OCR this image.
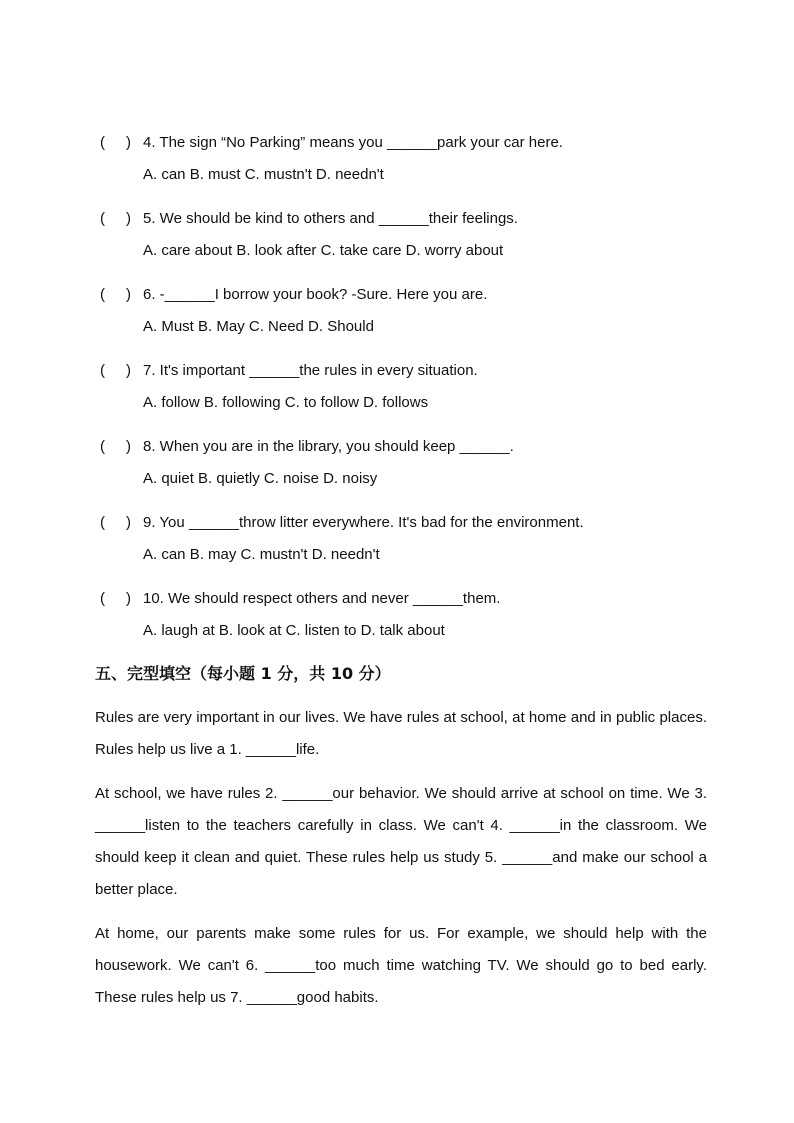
( ) 4. The sign “No Parking” means you ______park your car here.
A. can B. must C. mustn't D. needn't
( ) 5. We should be kind to others and ______their feelings.
A. care about B. look after C. take care D. worry about
( ) 6. -______I borrow your book? -Sure. Here you are.
A. Must B. May C. Need D. Should
( ) 7. It's important ______the rules in every situation.
A. follow B. following C. to follow D. follows
( ) 8. When you are in the library, you should keep ______.
A. quiet B. quietly C. noise D. noisy
( ) 9. You ______throw litter everywhere. It's bad for the environment.
A. can B. may C. mustn't D. needn't
( ) 10. We should respect others and never ______them.
A. laugh at B. look at C. listen to D. talk about
五、完型填空（每小题 1 分，共 10 分）
Rules are very important in our lives. We have rules at school, at home and in public places. Rules help us live a 1. ______life.
At school, we have rules 2. ______our behavior. We should arrive at school on time. We 3. ______listen to the teachers carefully in class. We can't 4. ______in the classroom. We should keep it clean and quiet. These rules help us study 5. ______and make our school a better place.
At home, our parents make some rules for us. For example, we should help with the housework. We can't 6. ______too much time watching TV. We should go to bed early. These rules help us 7. ______good habits.
